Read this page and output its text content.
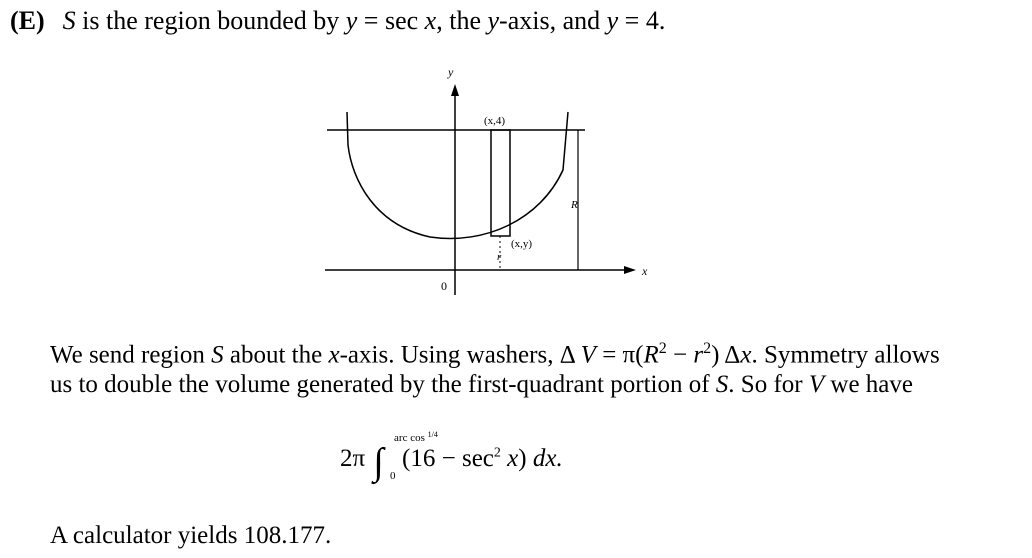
(E) S is the region bounded by y = sec x, the y-axis, and y = 4.
y
x
0
(x,4)
(x,y)
R
r
We send region S about the x-axis. Using washers, Δ $V = \pi(R^2 - r^2)$ Δx. Symmetry allows
us to double the volume generated by the first-quadrant portion of S. So for V we have
2π ∫
arc cos $^{1/4}$
0
$(16 - \sec^2 x)$ dx.
A calculator yields 108.177.
